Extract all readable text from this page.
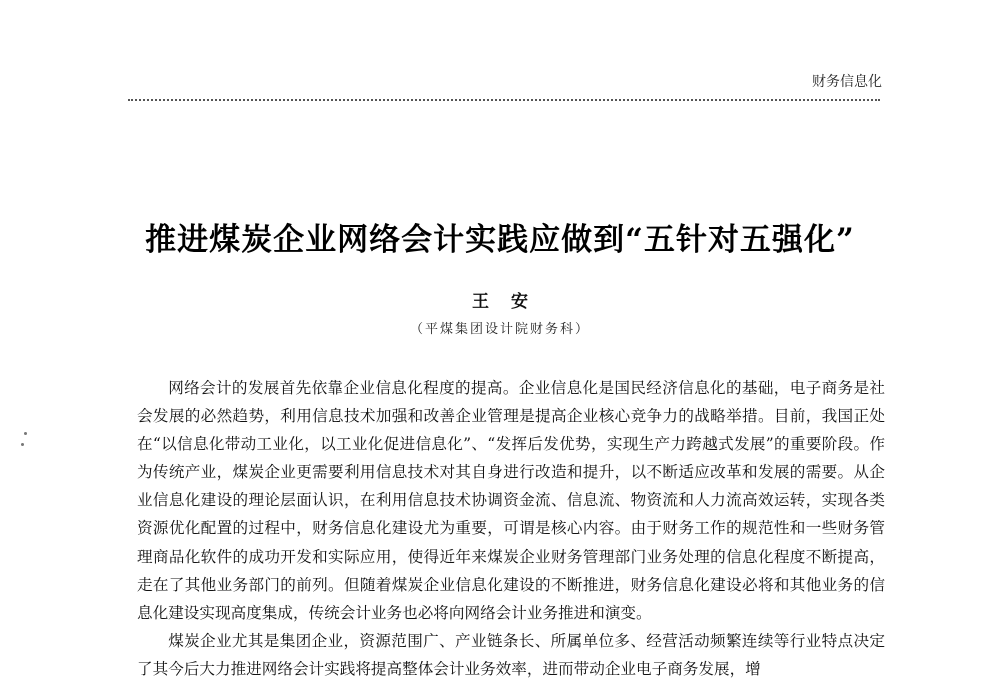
财务信息化
推进煤炭企业网络会计实践应做到“五针对五强化”
王安
（平煤集团设计院财务科）

网络会计的发展首先依靠企业信息化程度的提高。企业信息化是国民经济信息化的基础，电子商务是社会发展的必然趋势，利用信息技术加强和改善企业管理是提高企业核心竞争力的战略举措。目前，我国正处在“以信息化带动工业化，以工业化促进信息化”、“发挥后发优势，实现生产力跨越式发展”的重要阶段。作为传统产业，煤炭企业更需要利用信息技术对其自身进行改造和提升，以不断适应改革和发展的需要。从企业信息化建设的理论层面认识，在利用信息技术协调资金流、信息流、物资流和人力流高效运转，实现各类资源优化配置的过程中，财务信息化建设尤为重要，可谓是核心内容。由于财务工作的规范性和一些财务管理商品化软件的成功开发和实际应用，使得近年来煤炭企业财务管理部门业务处理的信息化程度不断提高，走在了其他业务部门的前列。但随着煤炭企业信息化建设的不断推进，财务信息化建设必将和其他业务的信息化建设实现高度集成，传统会计业务也必将向网络会计业务推进和演变。

煤炭企业尤其是集团企业，资源范围广、产业链条长、所属单位多、经营活动频繁连续等行业特点决定了其今后大力推进网络会计实践将提高整体会计业务效率，进而带动企业电子商务发展，增
